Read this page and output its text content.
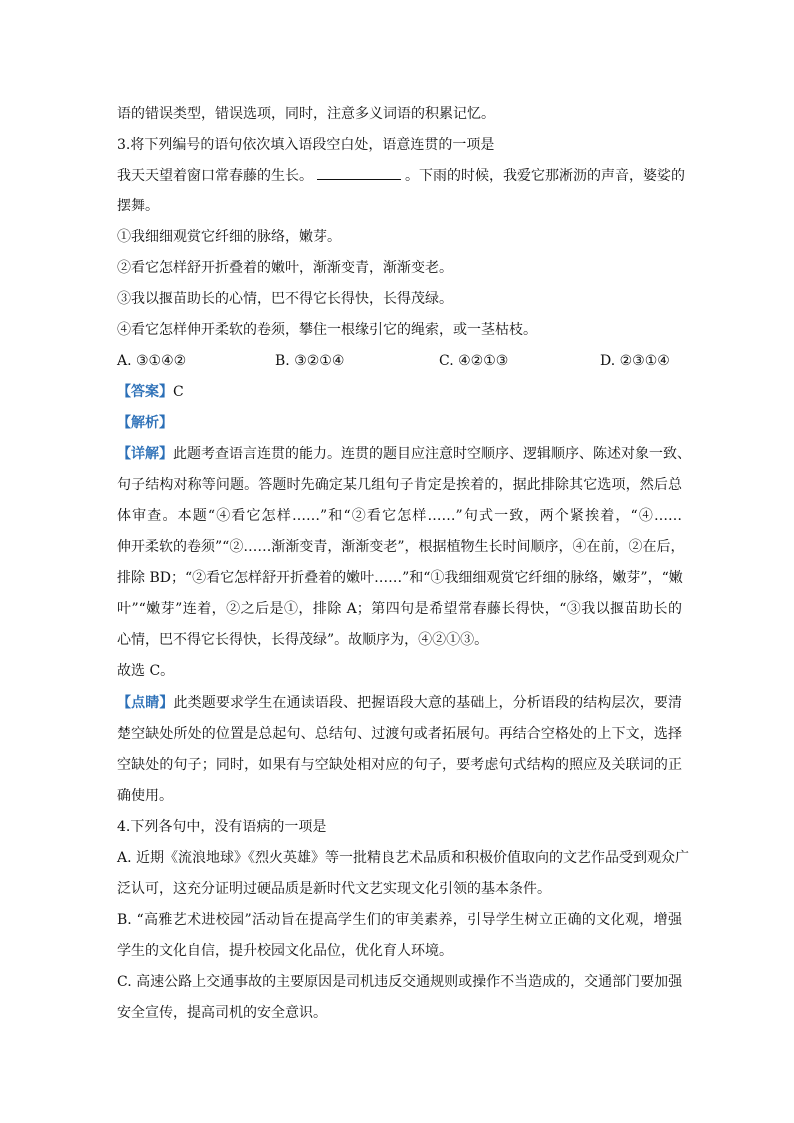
语的错误类型，错误选项，同时，注意多义词语的积累记忆。
3.将下列编号的语句依次填入语段空白处，语意连贯的一项是
我天天望着窗口常春藤的生长。	。下雨的时候，我爱它那淅沥的声音，婆娑的
摆舞。
①我细细观赏它纤细的脉络，嫩芽。
②看它怎样舒开折叠着的嫩叶，渐渐变青，渐渐变老。
③我以揠苗助长的心情，巴不得它长得快，长得茂绿。
④看它怎样伸开柔软的卷须，攀住一根缘引它的绳索，或一茎枯枝。
A. ③①④②	B. ③②①④	C. ④②①③	D. ②③①④
【答案】C
【解析】
【详解】此题考查语言连贯的能力。连贯的题目应注意时空顺序、逻辑顺序、陈述对象一致、
句子结构对称等问题。答题时先确定某几组句子肯定是挨着的，据此排除其它选项，然后总
体审查。本题“④看它怎样……”和“②看它怎样……”句式一致，两个紧挨着，“④……
伸开柔软的卷须”“②……渐渐变青，渐渐变老”，根据植物生长时间顺序，④在前，②在后，
排除 BD；“②看它怎样舒开折叠着的嫩叶……”和“①我细细观赏它纤细的脉络，嫩芽”，“嫩
叶”“嫩芽”连着，②之后是①，排除 A；第四句是希望常春藤长得快，“③我以揠苗助长的
心情，巴不得它长得快，长得茂绿”。故顺序为，④②①③。
故选 C。
【点睛】此类题要求学生在通读语段、把握语段大意的基础上，分析语段的结构层次，要清
楚空缺处所处的位置是总起句、总结句、过渡句或者拓展句。再结合空格处的上下文，选择
空缺处的句子；同时，如果有与空缺处相对应的句子，要考虑句式结构的照应及关联词的正
确使用。
4.下列各句中，没有语病的一项是
A. 近期《流浪地球》《烈火英雄》等一批精良艺术品质和积极价值取向的文艺作品受到观众广
泛认可，这充分证明过硬品质是新时代文艺实现文化引领的基本条件。
B. “高雅艺术进校园”活动旨在提高学生们的审美素养，引导学生树立正确的文化观，增强
学生的文化自信，提升校园文化品位，优化育人环境。
C. 高速公路上交通事故的主要原因是司机违反交通规则或操作不当造成的，交通部门要加强
安全宣传，提高司机的安全意识。
